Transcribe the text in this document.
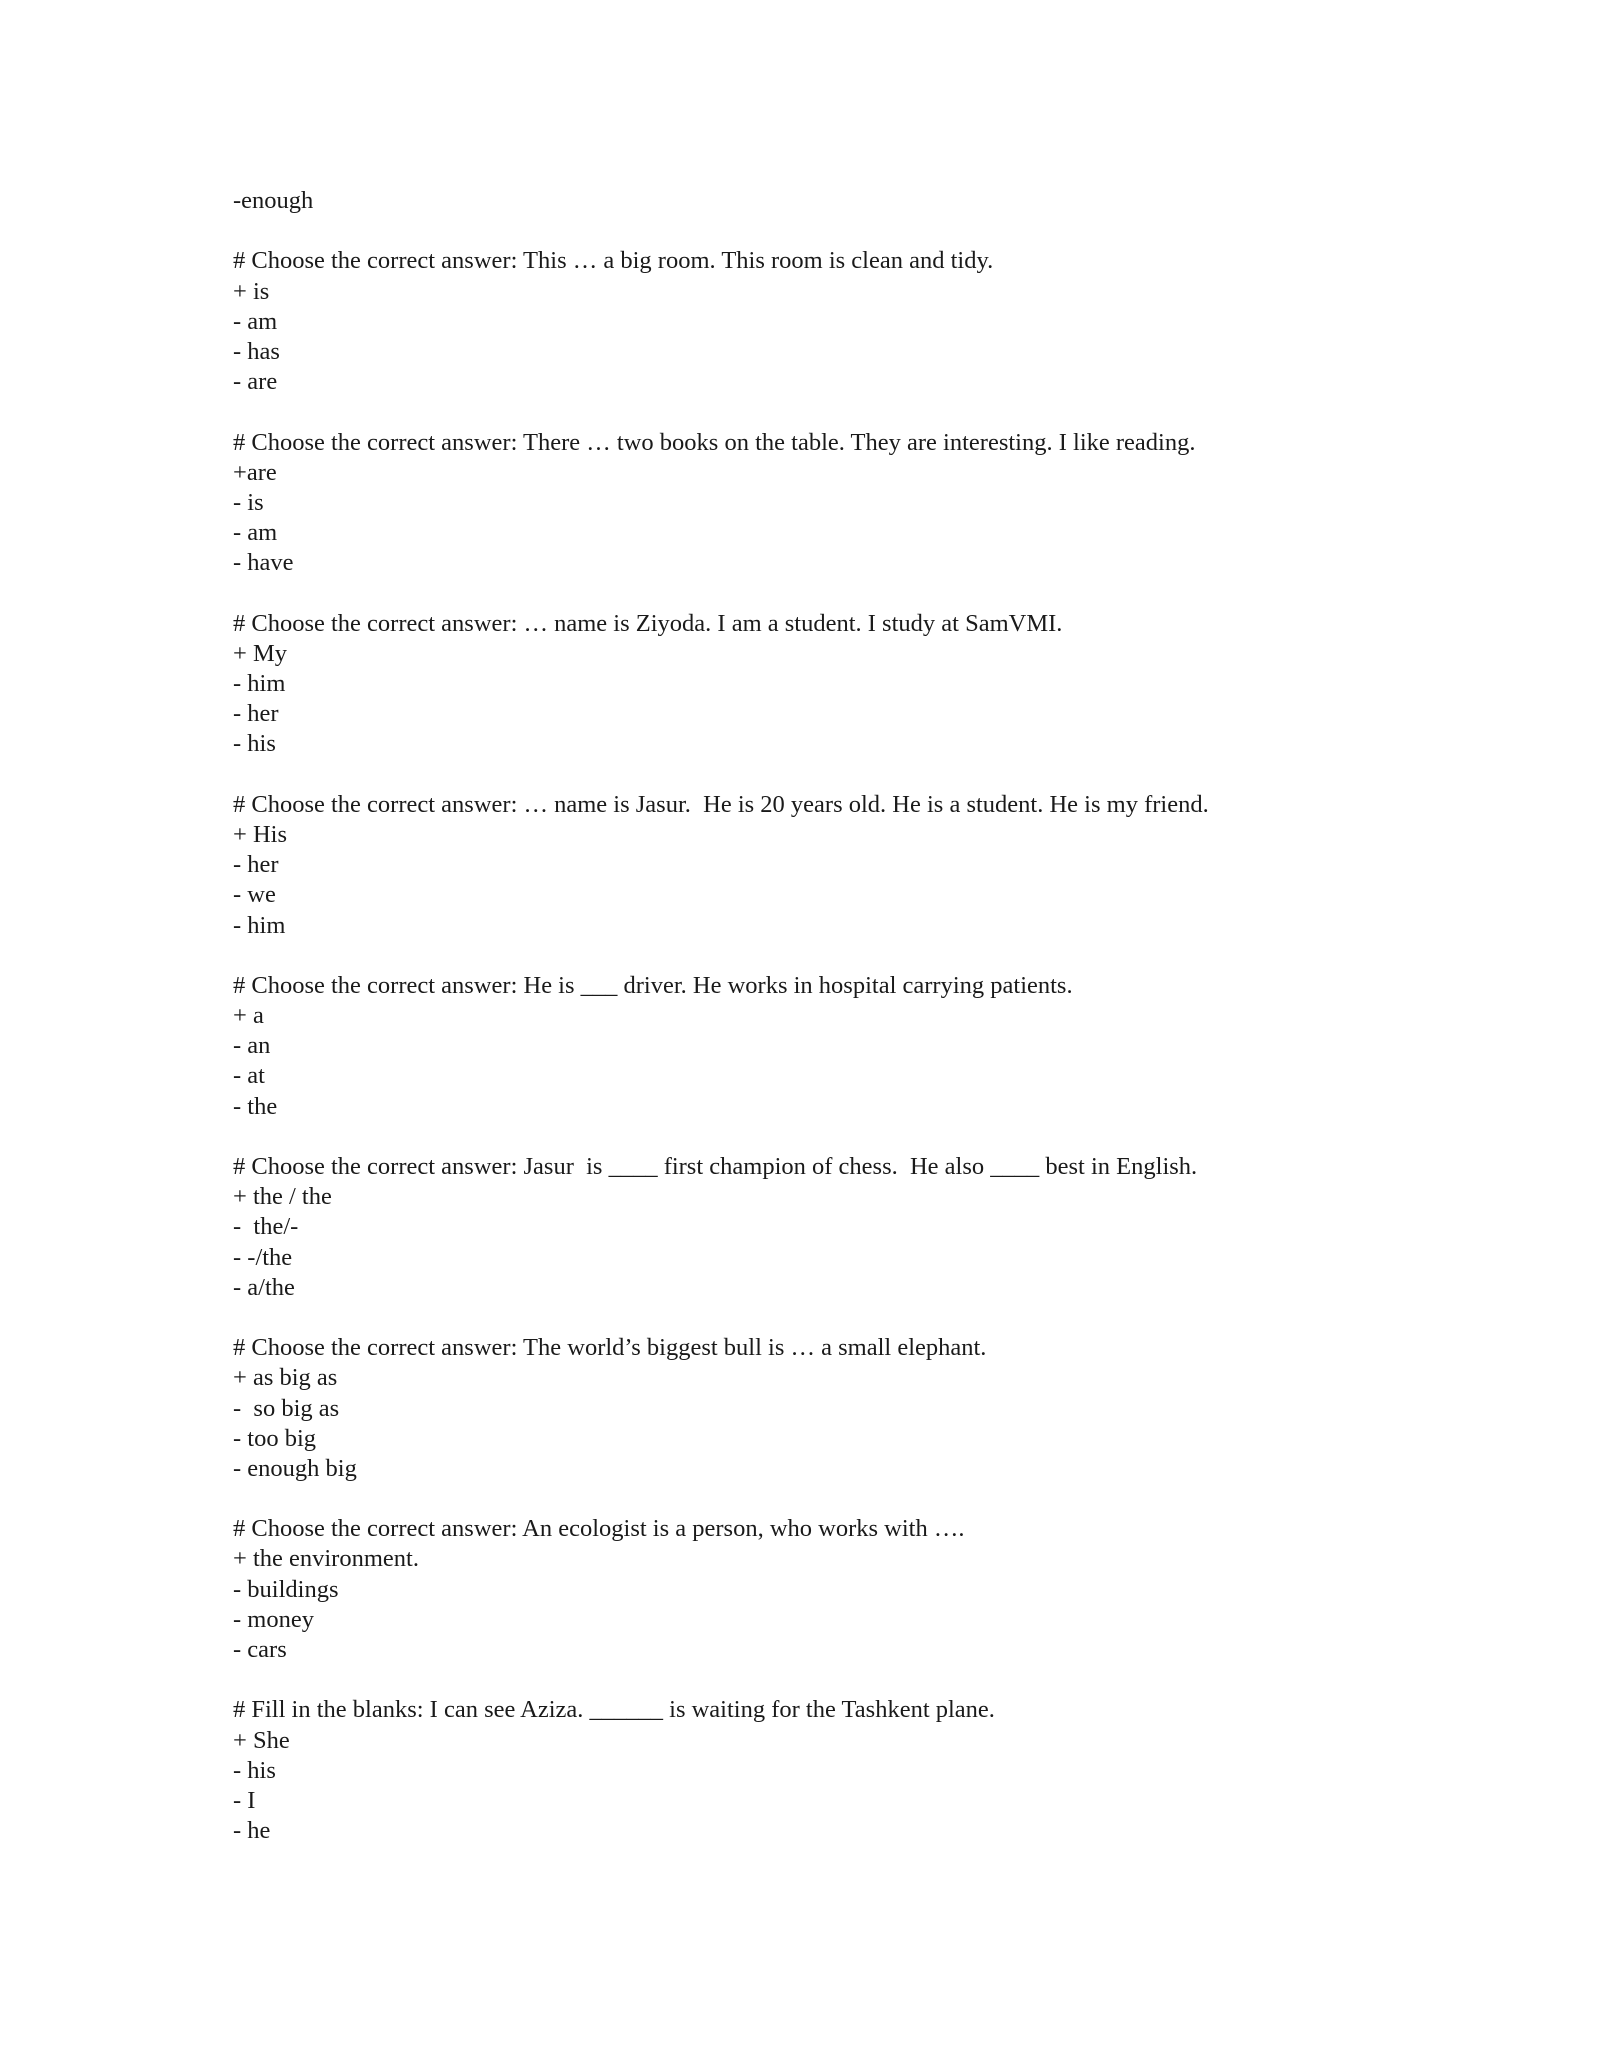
-enough
# Choose the correct answer: This … a big room. This room is clean and tidy.
+ is
- am
- has
- are
# Choose the correct answer: There … two books on the table. They are interesting. I like reading.
+are
- is
- am
- have
# Choose the correct answer: … name is Ziyoda. I am a student. I study at SamVMI.
+ My
- him
- her
- his
# Choose the correct answer: … name is Jasur.  He is 20 years old. He is a student. He is my friend.
+ His
- her
- we
- him
# Choose the correct answer: He is ___ driver. He works in hospital carrying patients.
+ a
- an
- at
- the
# Choose the correct answer: Jasur  is ____ first champion of chess.  He also ____ best in English.
+ the / the
-  the/-
- -/the
- a/the
# Choose the correct answer: The world’s biggest bull is … a small elephant.
+ as big as
-  so big as
- too big
- enough big
# Choose the correct answer: An ecologist is a person, who works with ….
+ the environment.
- buildings
- money
- cars
# Fill in the blanks: I can see Aziza. ______ is waiting for the Tashkent plane.
+ She
- his
- I
- he
